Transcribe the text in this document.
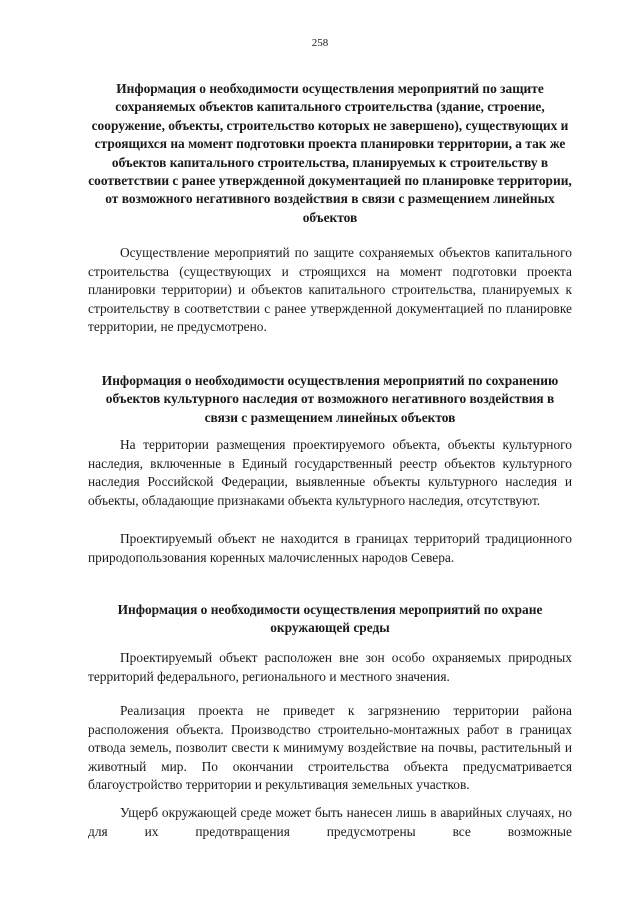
258

Информация о необходимости осуществления мероприятий по защите сохраняемых объектов капитального строительства (здание, строение, сооружение, объекты, строительство которых не завершено), существующих и строящихся на момент подготовки проекта планировки территории, а так же объектов капитального строительства, планируемых к строительству в соответствии с ранее утвержденной документацией по планировке территории, от возможного негативного воздействия в связи с размещением линейных объектов

Осуществление мероприятий по защите сохраняемых объектов капитального строительства (существующих и строящихся на момент подготовки проекта планировки территории) и объектов капитального строительства, планируемых к строительству в соответствии с ранее утвержденной документацией по планировке территории, не предусмотрено.

Информация о необходимости осуществления мероприятий по сохранению объектов культурного наследия от возможного негативного воздействия в связи с размещением линейных объектов

На территории размещения проектируемого объекта, объекты культурного наследия, включенные в Единый государственный реестр объектов культурного наследия Российской Федерации, выявленные объекты культурного наследия и объекты, обладающие признаками объекта культурного наследия, отсутствуют.

Проектируемый объект не находится в границах территорий традиционного природопользования коренных малочисленных народов Севера.

Информация о необходимости осуществления мероприятий по охране окружающей среды

Проектируемый объект расположен вне зон особо охраняемых природных территорий федерального, регионального и местного значения.

Реализация проекта не приведет к загрязнению территории района расположения объекта. Производство строительно-монтажных работ в границах отвода земель, позволит свести к минимуму воздействие на почвы, растительный и животный мир. По окончании строительства объекта предусматривается благоустройство территории и рекультивация земельных участков.

Ущерб окружающей среде может быть нанесен лишь в аварийных случаях, но для их предотвращения предусмотрены все возможные
